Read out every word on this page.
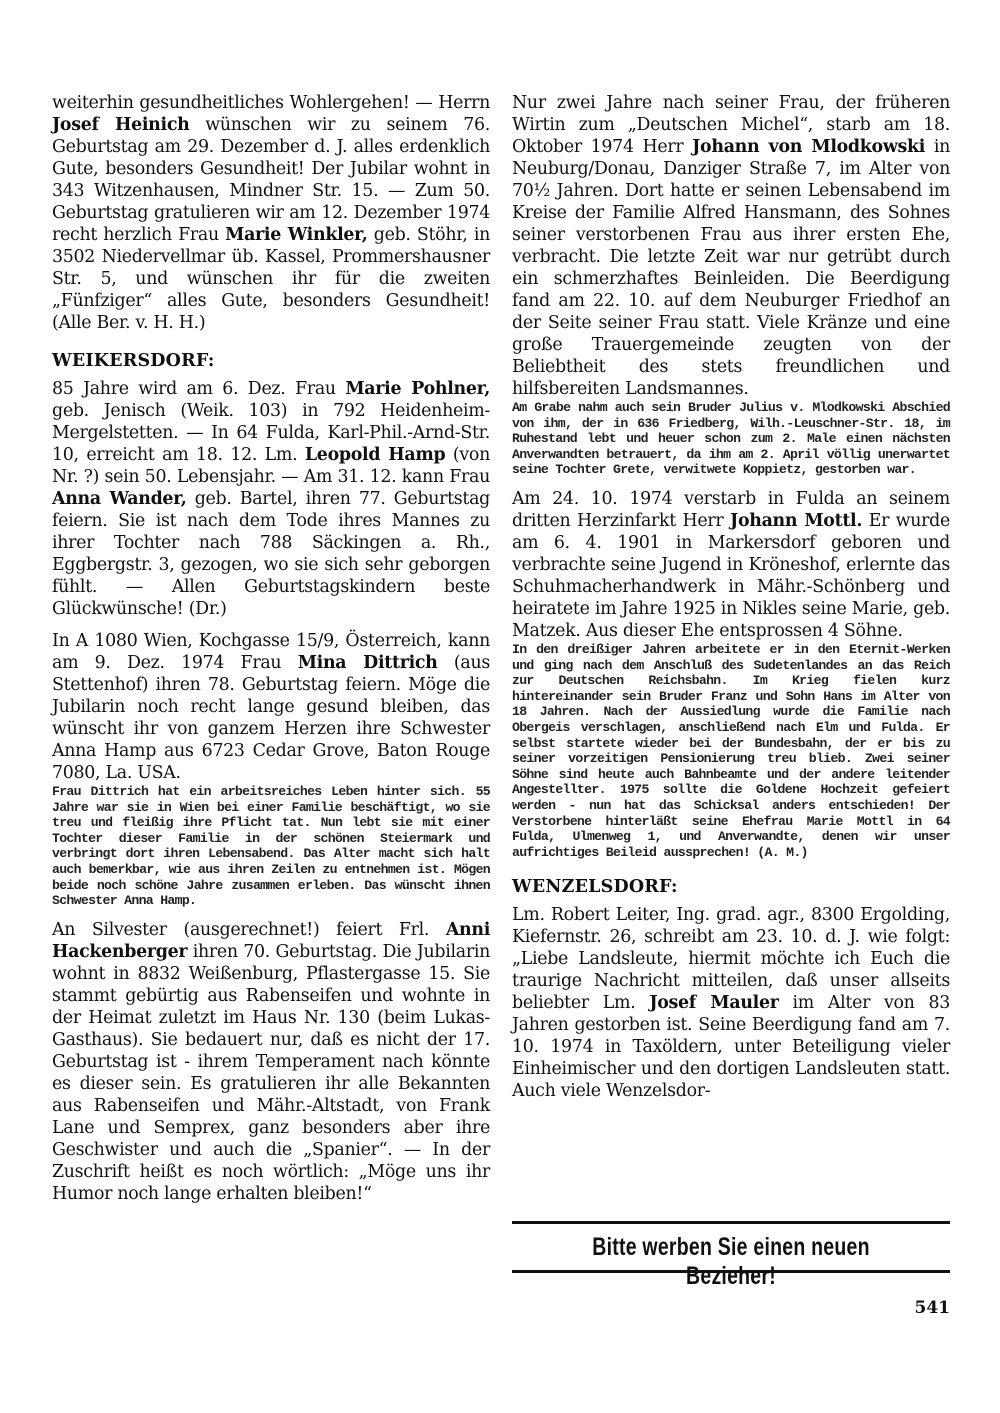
weiterhin gesundheitliches Wohlergehen! — Herrn Josef Heinich wünschen wir zu seinem 76. Geburtstag am 29. Dezember d. J. alles erdenklich Gute, besonders Gesundheit! Der Jubilar wohnt in 343 Witzenhausen, Mindner Str. 15. — Zum 50. Geburtstag gratulieren wir am 12. Dezember 1974 recht herzlich Frau Marie Winkler, geb. Stöhr, in 3502 Niedervellmar üb. Kassel, Prommershausner Str. 5, und wünschen ihr für die zweiten „Fünfziger“ alles Gute, besonders Gesundheit! (Alle Ber. v. H. H.)

WEIKERSDORF:

85 Jahre wird am 6. Dez. Frau Marie Pohlner, geb. Jenisch (Weik. 103) in 792 Heidenheim-Mergelstetten. — In 64 Fulda, Karl-Phil.-Arnd-Str. 10, erreicht am 18. 12. Lm. Leopold Hamp (von Nr. ?) sein 50. Lebensjahr. — Am 31. 12. kann Frau Anna Wander, geb. Bartel, ihren 77. Geburtstag feiern. Sie ist nach dem Tode ihres Mannes zu ihrer Tochter nach 788 Säckingen a. Rh., Eggbergstr. 3, gezogen, wo sie sich sehr geborgen fühlt. — Allen Geburtstagskindern beste Glückwünsche! (Dr.)

In A 1080 Wien, Kochgasse 15/9, Österreich, kann am 9. Dez. 1974 Frau Mina Dittrich (aus Stettenhof) ihren 78. Geburtstag feiern. Möge die Jubilarin noch recht lange gesund bleiben, das wünscht ihr von ganzem Herzen ihre Schwester Anna Hamp aus 6723 Cedar Grove, Baton Rouge 7080, La. USA.

Frau Dittrich hat ein arbeitsreiches Leben hinter sich. 55 Jahre war sie in Wien bei einer Familie beschäftigt, wo sie treu und fleißig ihre Pflicht tat. Nun lebt sie mit einer Tochter dieser Familie in der schönen Steiermark und verbringt dort ihren Lebensabend. Das Alter macht sich halt auch bemerkbar, wie aus ihren Zeilen zu entnehmen ist. Mögen beide noch schöne Jahre zusammen erleben. Das wünscht ihnen Schwester Anna Hamp.

An Silvester (ausgerechnet!) feiert Frl. Anni Hackenberger ihren 70. Geburtstag. Die Jubilarin wohnt in 8832 Weißenburg, Pflastergasse 15. Sie stammt gebürtig aus Rabenseifen und wohnte in der Heimat zuletzt im Haus Nr. 130 (beim Lukas-Gasthaus). Sie bedauert nur, daß es nicht der 17. Geburtstag ist - ihrem Temperament nach könnte es dieser sein. Es gratulieren ihr alle Bekannten aus Rabenseifen und Mähr.-Altstadt, von Frank Lane und Semprex, ganz besonders aber ihre Geschwister und auch die „Spanier“. — In der Zuschrift heißt es noch wörtlich: „Möge uns ihr Humor noch lange erhalten bleiben!“

Nur zwei Jahre nach seiner Frau, der früheren Wirtin zum „Deutschen Michel“, starb am 18. Oktober 1974 Herr Johann von Mlodkowski in Neuburg/Donau, Danziger Straße 7, im Alter von 70½ Jahren. Dort hatte er seinen Lebensabend im Kreise der Familie Alfred Hansmann, des Sohnes seiner verstorbenen Frau aus ihrer ersten Ehe, verbracht. Die letzte Zeit war nur getrübt durch ein schmerzhaftes Beinleiden. Die Beerdigung fand am 22. 10. auf dem Neuburger Friedhof an der Seite seiner Frau statt. Viele Kränze und eine große Trauergemeinde zeugten von der Beliebtheit des stets freundlichen und hilfsbereiten Landsmannes.

Am Grabe nahm auch sein Bruder Julius v. Mlodkowski Abschied von ihm, der in 636 Friedberg, Wilh.-Leuschner-Str. 18, im Ruhestand lebt und heuer schon zum 2. Male einen nächsten Anverwandten betrauert, da ihm am 2. April völlig unerwartet seine Tochter Grete, verwitwete Koppietz, gestorben war.

Am 24. 10. 1974 verstarb in Fulda an seinem dritten Herzinfarkt Herr Johann Mottl. Er wurde am 6. 4. 1901 in Markersdorf geboren und verbrachte seine Jugend in Kröneshof, erlernte das Schuhmacherhandwerk in Mähr.-Schönberg und heiratete im Jahre 1925 in Nikles seine Marie, geb. Matzek. Aus dieser Ehe entsprossen 4 Söhne.

In den dreißiger Jahren arbeitete er in den Eternit-Werken und ging nach dem Anschluß des Sudetenlandes an das Reich zur Deutschen Reichsbahn. Im Krieg fielen kurz hintereinander sein Bruder Franz und Sohn Hans im Alter von 18 Jahren. Nach der Aussiedlung wurde die Familie nach Obergeis verschlagen, anschließend nach Elm und Fulda. Er selbst startete wieder bei der Bundesbahn, der er bis zu seiner vorzeitigen Pensionierung treu blieb. Zwei seiner Söhne sind heute auch Bahnbeamte und der andere leitender Angestellter. 1975 sollte die Goldene Hochzeit gefeiert werden - nun hat das Schicksal anders entschieden! Der Verstorbene hinterläßt seine Ehefrau Marie Mottl in 64 Fulda, Ulmenweg 1, und Anverwandte, denen wir unser aufrichtiges Beileid aussprechen! (A. M.)

WENZELSDORF:

Lm. Robert Leiter, Ing. grad. agr., 8300 Ergolding, Kiefernstr. 26, schreibt am 23. 10. d. J. wie folgt: „Liebe Landsleute, hiermit möchte ich Euch die traurige Nachricht mitteilen, daß unser allseits beliebter Lm. Josef Mauler im Alter von 83 Jahren gestorben ist. Seine Beerdigung fand am 7. 10. 1974 in Taxöldern, unter Beteiligung vieler Einheimischer und den dortigen Landsleuten statt. Auch viele Wenzelsdor-

Bitte werben Sie einen neuen Bezieher!
541
